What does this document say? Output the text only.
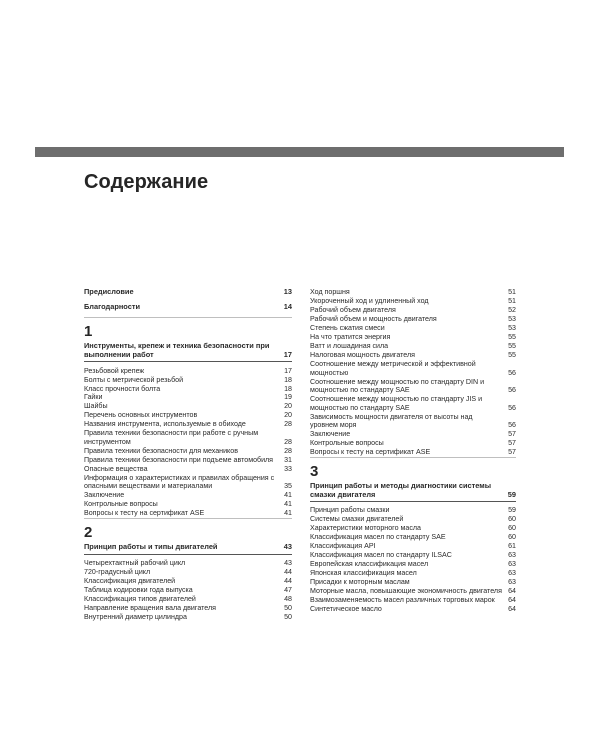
Содержание
Предисловие	13
Благодарности	14
1
Инструменты, крепеж и техника безопасности при выполнении работ	17
Резьбовой крепеж	17
Болты с метрической резьбой	18
Класс прочности болта	18
Гайки	19
Шайбы	20
Перечень основных инструментов	20
Названия инструмента, используемые в обиходе	28
Правила техники безопасности при работе с ручным инструментом	28
Правила техники безопасности для механиков	28
Правила техники безопасности при подъеме автомобиля	31
Опасные вещества	33
Информация о характеристиках и правилах обращения с опасными веществами и материалами	35
Заключение	41
Контрольные вопросы	41
Вопросы к тесту на сертификат ASE	41
2
Принцип работы и типы двигателей	43
Четырехтактный рабочий цикл	43
720-градусный цикл	44
Классификация двигателей	44
Таблица кодировки года выпуска	47
Классификация типов двигателей	48
Направление вращения вала двигателя	50
Внутренний диаметр цилиндра	50
Ход поршня	51
Укороченный ход и удлиненный ход	51
Рабочий объем двигателя	52
Рабочий объем и мощность двигателя	53
Степень сжатия смеси	53
На что тратится энергия	55
Ватт и лошадиная сила	55
Налоговая мощность двигателя	55
Соотношение между метрической и эффективной мощностью	56
Соотношение между мощностью по стандарту DIN и мощностью по стандарту SAE	56
Соотношение между мощностью по стандарту JIS и мощностью по стандарту SAE	56
Зависимость мощности двигателя от высоты над уровнем моря	56
Заключение	57
Контрольные вопросы	57
Вопросы к тесту на сертификат ASE	57
3
Принцип работы и методы диагностики системы смазки двигателя	59
Принцип работы смазки	59
Системы смазки двигателей	60
Характеристики моторного масла	60
Классификация масел по стандарту SAE	60
Классификация API	61
Классификация масел по стандарту ILSAC	63
Европейская классификация масел	63
Японская классификация масел	63
Присадки к моторным маслам	63
Моторные масла, повышающие экономичность двигателя 64
Взаимозаменяемость масел различных торговых марок	64
Синтетическое масло	64
